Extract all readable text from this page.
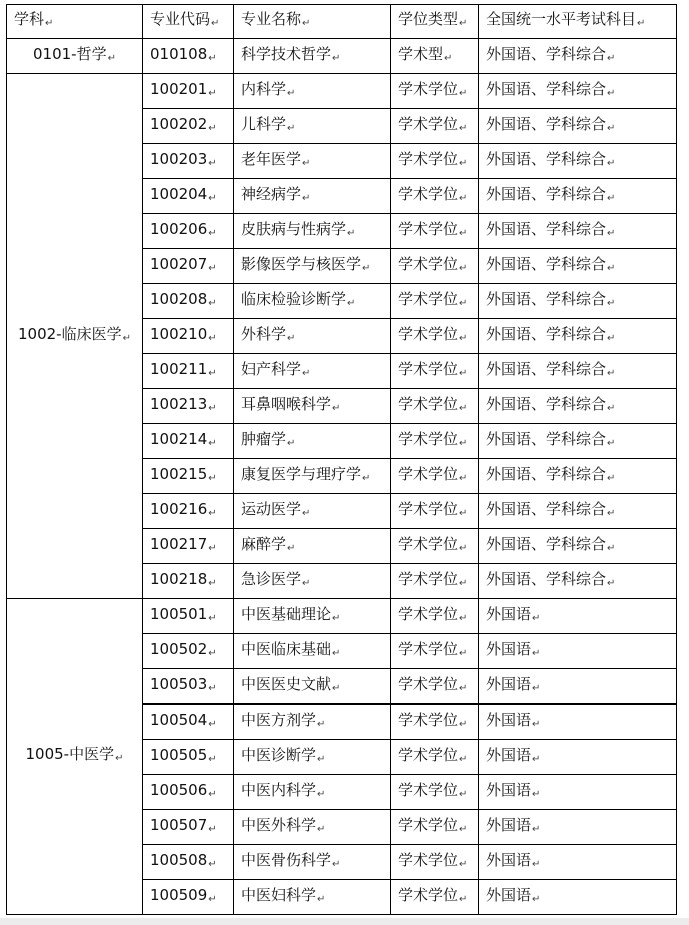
学科↵	专业代码↵	专业名称↵	学位类型↵	全国统一水平考试科目↵
0101-哲学↵	010108↵	科学技术哲学↵	学术型↵	外国语、学科综合↵
1002-临床医学↵	100201↵	内科学↵	学术学位↵	外国语、学科综合↵
	100202↵	儿科学↵	学术学位↵	外国语、学科综合↵
	100203↵	老年医学↵	学术学位↵	外国语、学科综合↵
	100204↵	神经病学↵	学术学位↵	外国语、学科综合↵
	100206↵	皮肤病与性病学↵	学术学位↵	外国语、学科综合↵
	100207↵	影像医学与核医学↵	学术学位↵	外国语、学科综合↵
	100208↵	临床检验诊断学↵	学术学位↵	外国语、学科综合↵
	100210↵	外科学↵	学术学位↵	外国语、学科综合↵
	100211↵	妇产科学↵	学术学位↵	外国语、学科综合↵
	100213↵	耳鼻咽喉科学↵	学术学位↵	外国语、学科综合↵
	100214↵	肿瘤学↵	学术学位↵	外国语、学科综合↵
	100215↵	康复医学与理疗学↵	学术学位↵	外国语、学科综合↵
	100216↵	运动医学↵	学术学位↵	外国语、学科综合↵
	100217↵	麻醉学↵	学术学位↵	外国语、学科综合↵
	100218↵	急诊医学↵	学术学位↵	外国语、学科综合↵
1005-中医学↵	100501↵	中医基础理论↵	学术学位↵	外国语↵
	100502↵	中医临床基础↵	学术学位↵	外国语↵
	100503↵	中医医史文献↵	学术学位↵	外国语↵
	100504↵	中医方剂学↵	学术学位↵	外国语↵
	100505↵	中医诊断学↵	学术学位↵	外国语↵
	100506↵	中医内科学↵	学术学位↵	外国语↵
	100507↵	中医外科学↵	学术学位↵	外国语↵
	100508↵	中医骨伤科学↵	学术学位↵	外国语↵
	100509↵	中医妇科学↵	学术学位↵	外国语↵
